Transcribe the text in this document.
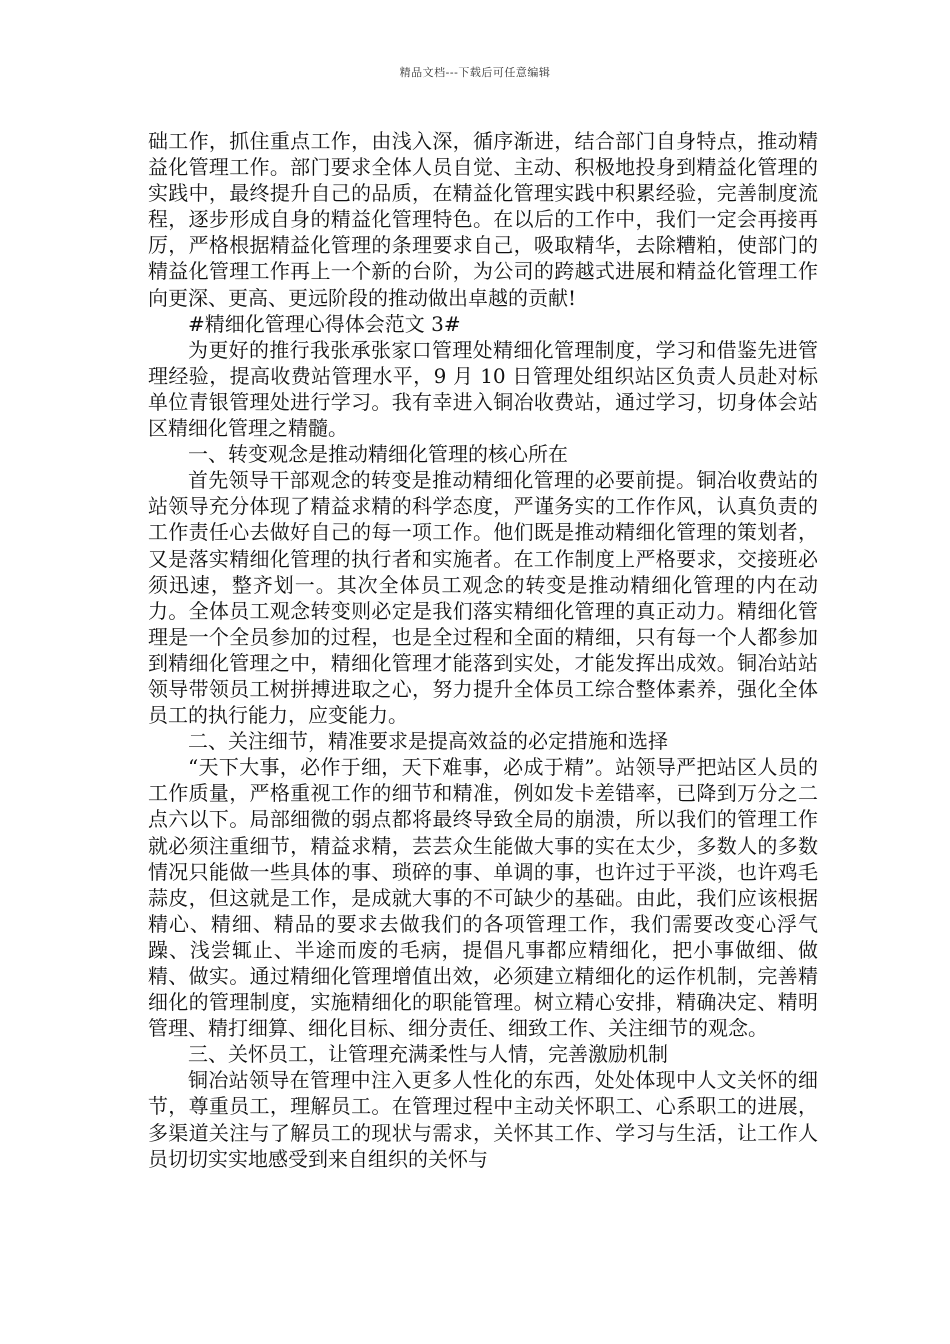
精品文档---下载后可任意编辑

础工作，抓住重点工作，由浅入深，循序渐进，结合部门自身特点，推动精益化管理工作。部门要求全体人员自觉、主动、积极地投身到精益化管理的实践中，最终提升自己的品质，在精益化管理实践中积累经验，完善制度流程，逐步形成自身的精益化管理特色。在以后的工作中，我们一定会再接再厉，严格根据精益化管理的条理要求自己，吸取精华，去除糟粕，使部门的精益化管理工作再上一个新的台阶，为公司的跨越式进展和精益化管理工作向更深、更高、更远阶段的推动做出卓越的贡献!

#精细化管理心得体会范文 3#

为更好的推行我张承张家口管理处精细化管理制度，学习和借鉴先进管理经验，提高收费站管理水平，9 月 10 日管理处组织站区负责人员赴对标单位青银管理处进行学习。我有幸进入铜冶收费站，通过学习，切身体会站区精细化管理之精髓。

一、转变观念是推动精细化管理的核心所在

首先领导干部观念的转变是推动精细化管理的必要前提。铜冶收费站的站领导充分体现了精益求精的科学态度，严谨务实的工作作风，认真负责的工作责任心去做好自己的每一项工作。他们既是推动精细化管理的策划者，又是落实精细化管理的执行者和实施者。在工作制度上严格要求，交接班必须迅速，整齐划一。其次全体员工观念的转变是推动精细化管理的内在动力。全体员工观念转变则必定是我们落实精细化管理的真正动力。精细化管理是一个全员参加的过程，也是全过程和全面的精细，只有每一个人都参加到精细化管理之中，精细化管理才能落到实处，才能发挥出成效。铜冶站站领导带领员工树拼搏进取之心，努力提升全体员工综合整体素养，强化全体员工的执行能力，应变能力。

二、关注细节，精准要求是提高效益的必定措施和选择

“天下大事，必作于细，天下难事，必成于精”。站领导严把站区人员的工作质量，严格重视工作的细节和精准，例如发卡差错率，已降到万分之二点六以下。局部细微的弱点都将最终导致全局的崩溃，所以我们的管理工作就必须注重细节，精益求精，芸芸众生能做大事的实在太少，多数人的多数情况只能做一些具体的事、琐碎的事、单调的事，也许过于平淡，也许鸡毛蒜皮，但这就是工作，是成就大事的不可缺少的基础。由此，我们应该根据精心、精细、精品的要求去做我们的各项管理工作，我们需要改变心浮气躁、浅尝辄止、半途而废的毛病，提倡凡事都应精细化，把小事做细、做精、做实。通过精细化管理增值出效，必须建立精细化的运作机制，完善精细化的管理制度，实施精细化的职能管理。树立精心安排，精确决定、精明管理、精打细算、细化目标、细分责任、细致工作、关注细节的观念。

三、关怀员工，让管理充满柔性与人情，完善激励机制

铜冶站领导在管理中注入更多人性化的东西，处处体现中人文关怀的细节，尊重员工，理解员工。在管理过程中主动关怀职工、心系职工的进展，多渠道关注与了解员工的现状与需求，关怀其工作、学习与生活，让工作人员切切实实地感受到来自组织的关怀与
